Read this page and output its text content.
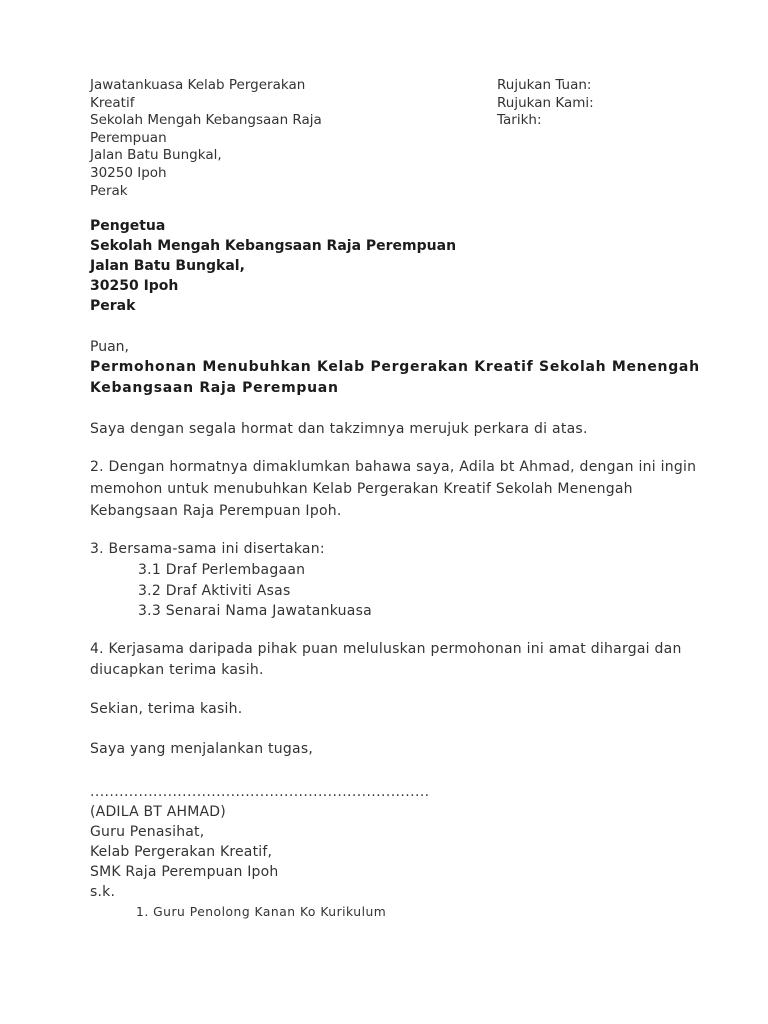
Jawatankuasa Kelab Pergerakan
Kreatif
Sekolah Mengah Kebangsaan Raja
Perempuan
Jalan Batu Bungkal,
30250 Ipoh
Perak
Rujukan Tuan:
Rujukan Kami:
Tarikh:
Pengetua
Sekolah Mengah Kebangsaan Raja Perempuan
Jalan Batu Bungkal,
30250 Ipoh
Perak
Puan,
Permohonan Menubuhkan Kelab Pergerakan Kreatif Sekolah Menengah
Kebangsaan Raja Perempuan
Saya dengan segala hormat dan takzimnya merujuk perkara di atas.
2. Dengan hormatnya dimaklumkan bahawa saya, Adila bt Ahmad, dengan ini ingin
memohon untuk menubuhkan Kelab Pergerakan Kreatif Sekolah Menengah
Kebangsaan Raja Perempuan Ipoh.
3. Bersama-sama ini disertakan:
3.1 Draf Perlembagaan
3.2 Draf Aktiviti Asas
3.3 Senarai Nama Jawatankuasa
4. Kerjasama daripada pihak puan meluluskan permohonan ini amat dihargai dan
diucapkan terima kasih.
Sekian, terima kasih.
Saya yang menjalankan tugas,
......................................................................
(ADILA BT AHMAD)
Guru Penasihat,
Kelab Pergerakan Kreatif,
SMK Raja Perempuan Ipoh
s.k.
1. Guru Penolong Kanan Ko Kurikulum
